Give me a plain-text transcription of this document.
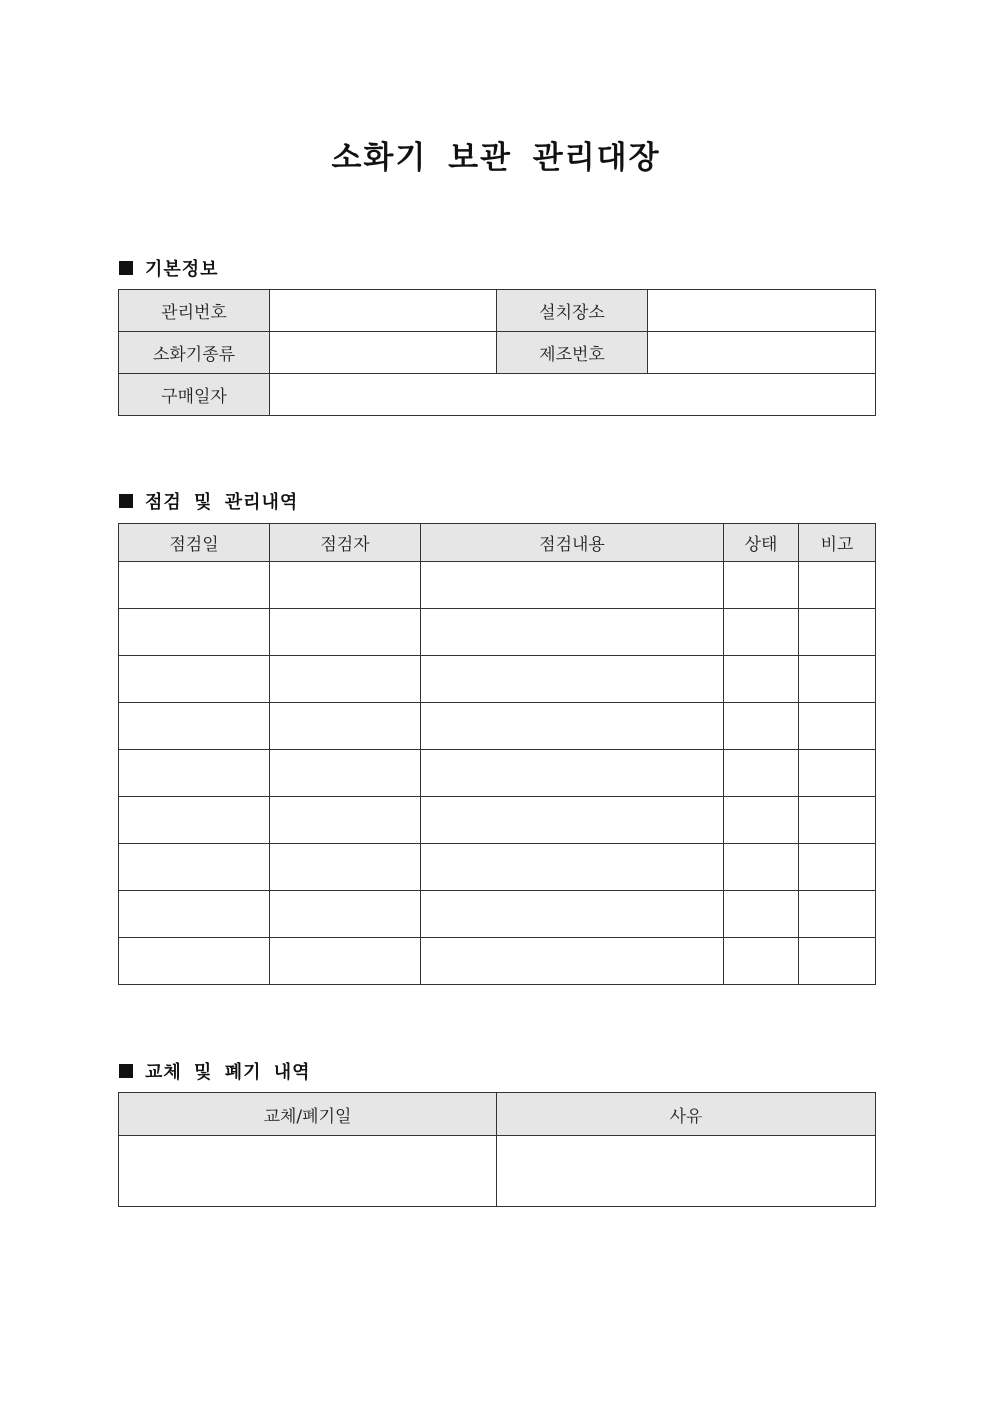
소화기 보관 관리대장
기본정보
관리번호		설치장소	
소화기종류		제조번호	
구매일자			
점검 및 관리내역
점검일	점검자	점검내용	상태	비고

교체 및 폐기 내역
교체/폐기일	사유
